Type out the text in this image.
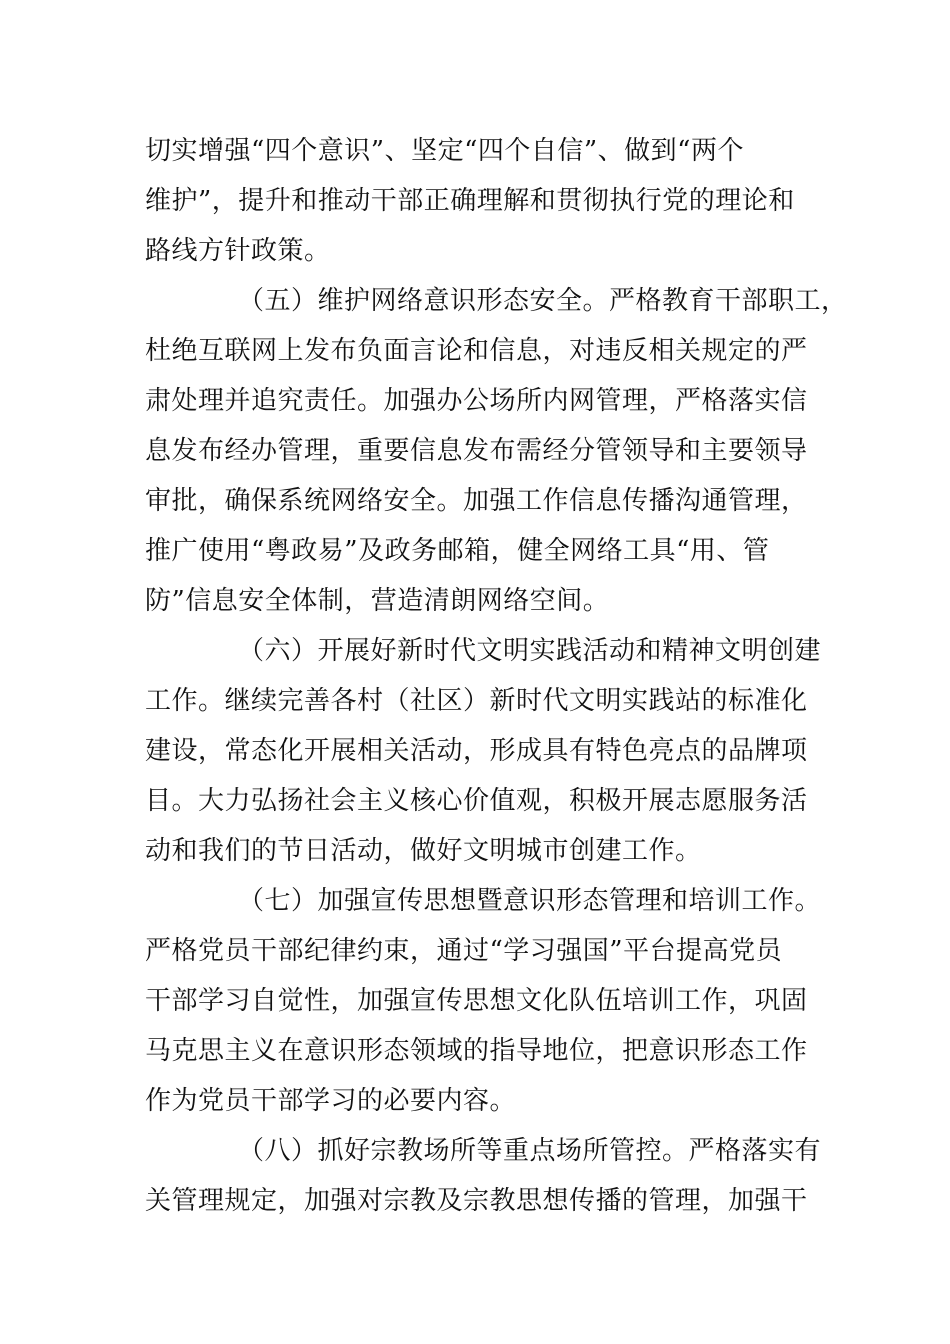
切实增强“四个意识”、坚定“四个自信”、做到“两个
维护”，提升和推动干部正确理解和贯彻执行党的理论和
路线方针政策。
（五）维护网络意识形态安全。严格教育干部职工，
杜绝互联网上发布负面言论和信息，对违反相关规定的严
肃处理并追究责任。加强办公场所内网管理，严格落实信
息发布经办管理，重要信息发布需经分管领导和主要领导
审批，确保系统网络安全。加强工作信息传播沟通管理，
推广使用“粤政易”及政务邮箱，健全网络工具“用、管
防”信息安全体制，营造清朗网络空间。
（六）开展好新时代文明实践活动和精神文明创建
工作。继续完善各村（社区）新时代文明实践站的标准化
建设，常态化开展相关活动，形成具有特色亮点的品牌项
目。大力弘扬社会主义核心价值观，积极开展志愿服务活
动和我们的节日活动，做好文明城市创建工作。
（七）加强宣传思想暨意识形态管理和培训工作。
严格党员干部纪律约束，通过“学习强国”平台提高党员
干部学习自觉性，加强宣传思想文化队伍培训工作，巩固
马克思主义在意识形态领域的指导地位，把意识形态工作
作为党员干部学习的必要内容。
（八）抓好宗教场所等重点场所管控。严格落实有
关管理规定，加强对宗教及宗教思想传播的管理，加强干
